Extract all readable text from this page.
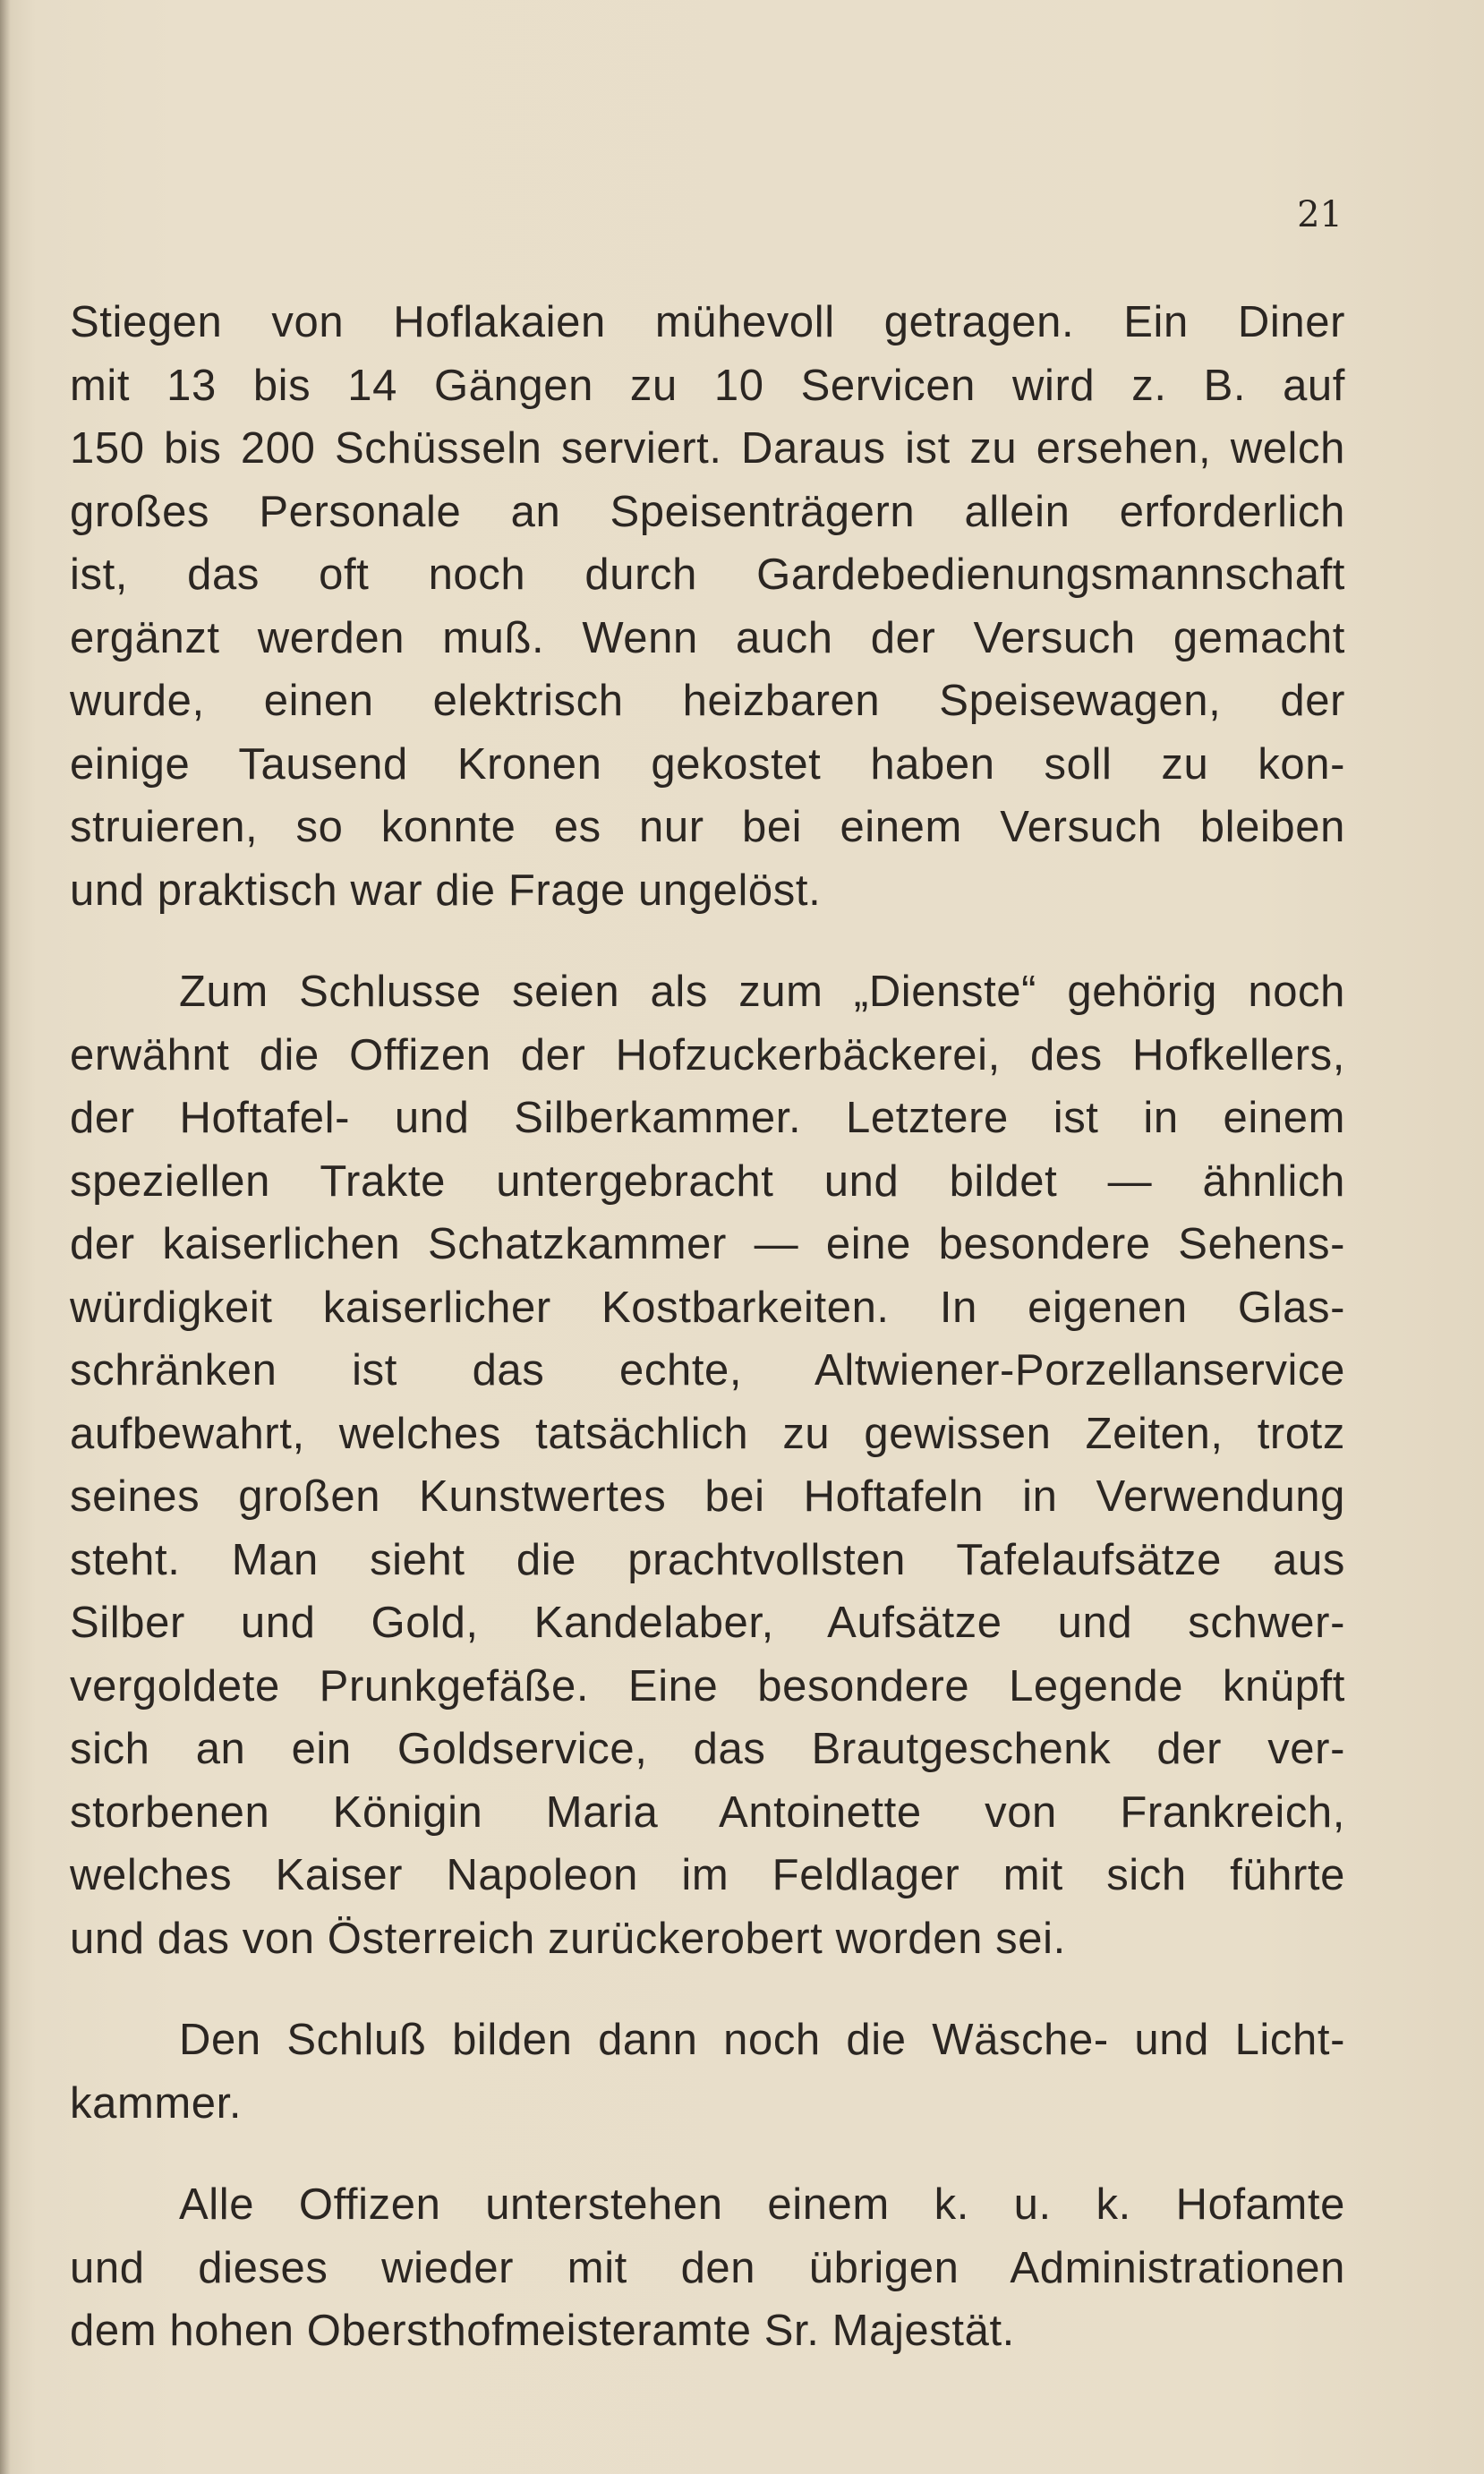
21
Stiegen von Hoflakaien mühevoll getragen. Ein Diner
mit 13 bis 14 Gängen zu 10 Servicen wird z. B. auf
150 bis 200 Schüsseln serviert. Daraus ist zu ersehen, welch
großes Personale an Speisenträgern allein erforderlich
ist, das oft noch durch Gardebedienungsmannschaft
ergänzt werden muß. Wenn auch der Versuch gemacht
wurde, einen elektrisch heizbaren Speisewagen, der
einige Tausend Kronen gekostet haben soll zu kon-
struieren, so konnte es nur bei einem Versuch bleiben
und praktisch war die Frage ungelöst.
Zum Schlusse seien als zum „Dienste“ gehörig noch
erwähnt die Offizen der Hofzuckerbäckerei, des Hofkellers,
der Hoftafel- und Silberkammer. Letztere ist in einem
speziellen Trakte untergebracht und bildet — ähnlich
der kaiserlichen Schatzkammer — eine besondere Sehens-
würdigkeit kaiserlicher Kostbarkeiten. In eigenen Glas-
schränken ist das echte, Altwiener-Porzellanservice
aufbewahrt, welches tatsächlich zu gewissen Zeiten, trotz
seines großen Kunstwertes bei Hoftafeln in Verwendung
steht. Man sieht die prachtvollsten Tafelaufsätze aus
Silber und Gold, Kandelaber, Aufsätze und schwer-
vergoldete Prunkgefäße. Eine besondere Legende knüpft
sich an ein Goldservice, das Brautgeschenk der ver-
storbenen Königin Maria Antoinette von Frankreich,
welches Kaiser Napoleon im Feldlager mit sich führte
und das von Österreich zurückerobert worden sei.
Den Schluß bilden dann noch die Wäsche- und Licht-
kammer.
Alle Offizen unterstehen einem k. u. k. Hofamte
und dieses wieder mit den übrigen Administrationen
dem hohen Obersthofmeisteramte Sr. Majestät.
